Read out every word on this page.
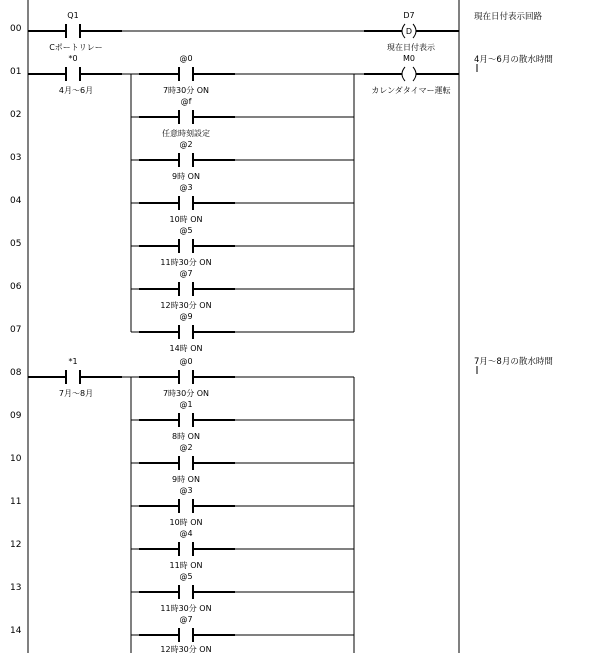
00
Q1
Cポートリレー
D
D7
現在日付表示
現在日付表示回路
01
*0
4月～6月
@0
7時30分 ON
M0
カレンダタイマー運転
4月～6月の散水時間
02
@f
任意時刻設定
03
@2
9時 ON
04
@3
10時 ON
05
@5
11時30分 ON
06
@7
12時30分 ON
07
@9
14時 ON
08
*1
7月～8月
@0
7時30分 ON
7月～8月の散水時間
09
@1
8時 ON
10
@2
9時 ON
11
@3
10時 ON
12
@4
11時 ON
13
@5
11時30分 ON
14
@7
12時30分 ON
